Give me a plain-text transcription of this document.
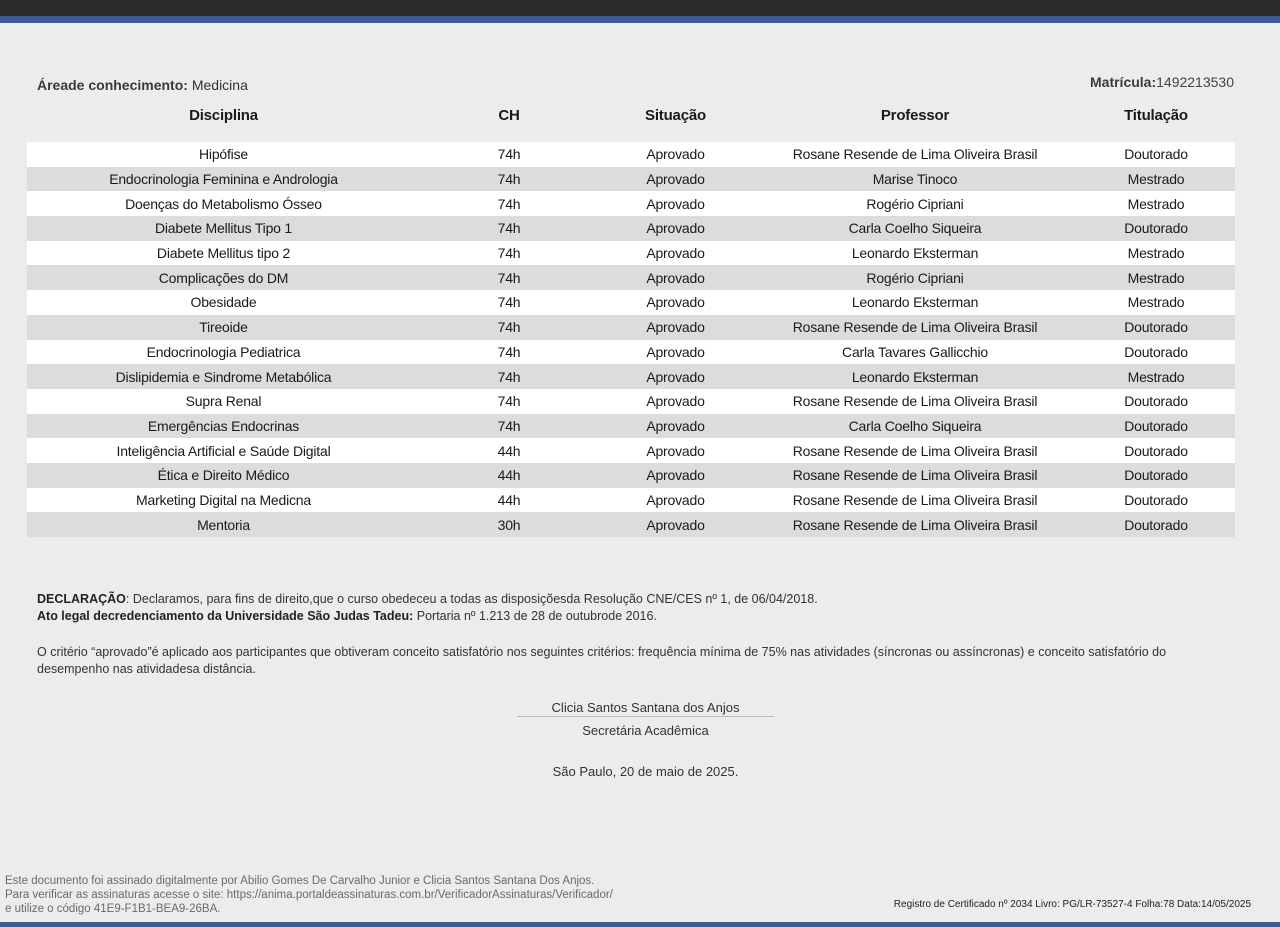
Áreade conhecimento: Medicina	Matrícula:1492213530
Disciplina	CH	Situação	Professor	Titulação

Hipófise	74h	Aprovado	Rosane Resende de Lima Oliveira Brasil	Doutorado
Endocrinologia Feminina e Andrologia	74h	Aprovado	Marise Tinoco	Mestrado
Doenças do Metabolismo Ósseo	74h	Aprovado	Rogério Cipriani	Mestrado
Diabete Mellitus Tipo 1	74h	Aprovado	Carla Coelho Siqueira	Doutorado
Diabete Mellitus tipo 2	74h	Aprovado	Leonardo Eksterman	Mestrado
Complicações do DM	74h	Aprovado	Rogério Cipriani	Mestrado
Obesidade	74h	Aprovado	Leonardo Eksterman	Mestrado
Tireoide	74h	Aprovado	Rosane Resende de Lima Oliveira Brasil	Doutorado
Endocrinologia Pediatrica	74h	Aprovado	Carla Tavares Gallicchio	Doutorado
Dislipidemia e Sindrome Metabólica	74h	Aprovado	Leonardo Eksterman	Mestrado
Supra Renal	74h	Aprovado	Rosane Resende de Lima Oliveira Brasil	Doutorado
Emergências Endocrinas	74h	Aprovado	Carla Coelho Siqueira	Doutorado
Inteligência Artificial e Saúde Digital	44h	Aprovado	Rosane Resende de Lima Oliveira Brasil	Doutorado
Ética e Direito Médico	44h	Aprovado	Rosane Resende de Lima Oliveira Brasil	Doutorado
Marketing Digital na Medicna	44h	Aprovado	Rosane Resende de Lima Oliveira Brasil	Doutorado
Mentoria	30h	Aprovado	Rosane Resende de Lima Oliveira Brasil	Doutorado
DECLARAÇÃO: Declaramos, para fins de direito,que o curso obedeceu a todas as disposiçõesda Resolução CNE/CES nº 1, de 06/04/2018.
Ato legal decredenciamento da Universidade São Judas Tadeu: Portaria nº 1.213 de 28 de outubrode 2016.
O critério “aprovado”é aplicado aos participantes que obtiveram conceito satisfatório nos seguintes critérios: frequência mínima de 75% nas atividades (síncronas ou assíncronas) e conceito satisfatório do desempenho nas atividadesa distância.
Clicia Santos Santana dos Anjos
Secretária Acadêmica
São Paulo, 20 de maio de 2025.
Este documento foi assinado digitalmente por Abilio Gomes De Carvalho Junior e Clicia Santos Santana Dos Anjos.
Para verificar as assinaturas acesse o site: https://anima.portaldeassinaturas.com.br/VerificadorAssinaturas/Verificador/
e utilize o código 41E9-F1B1-BEA9-26BA.	Registro de Certificado nº 2034 Livro: PG/LR-73527-4 Folha:78 Data:14/05/2025
